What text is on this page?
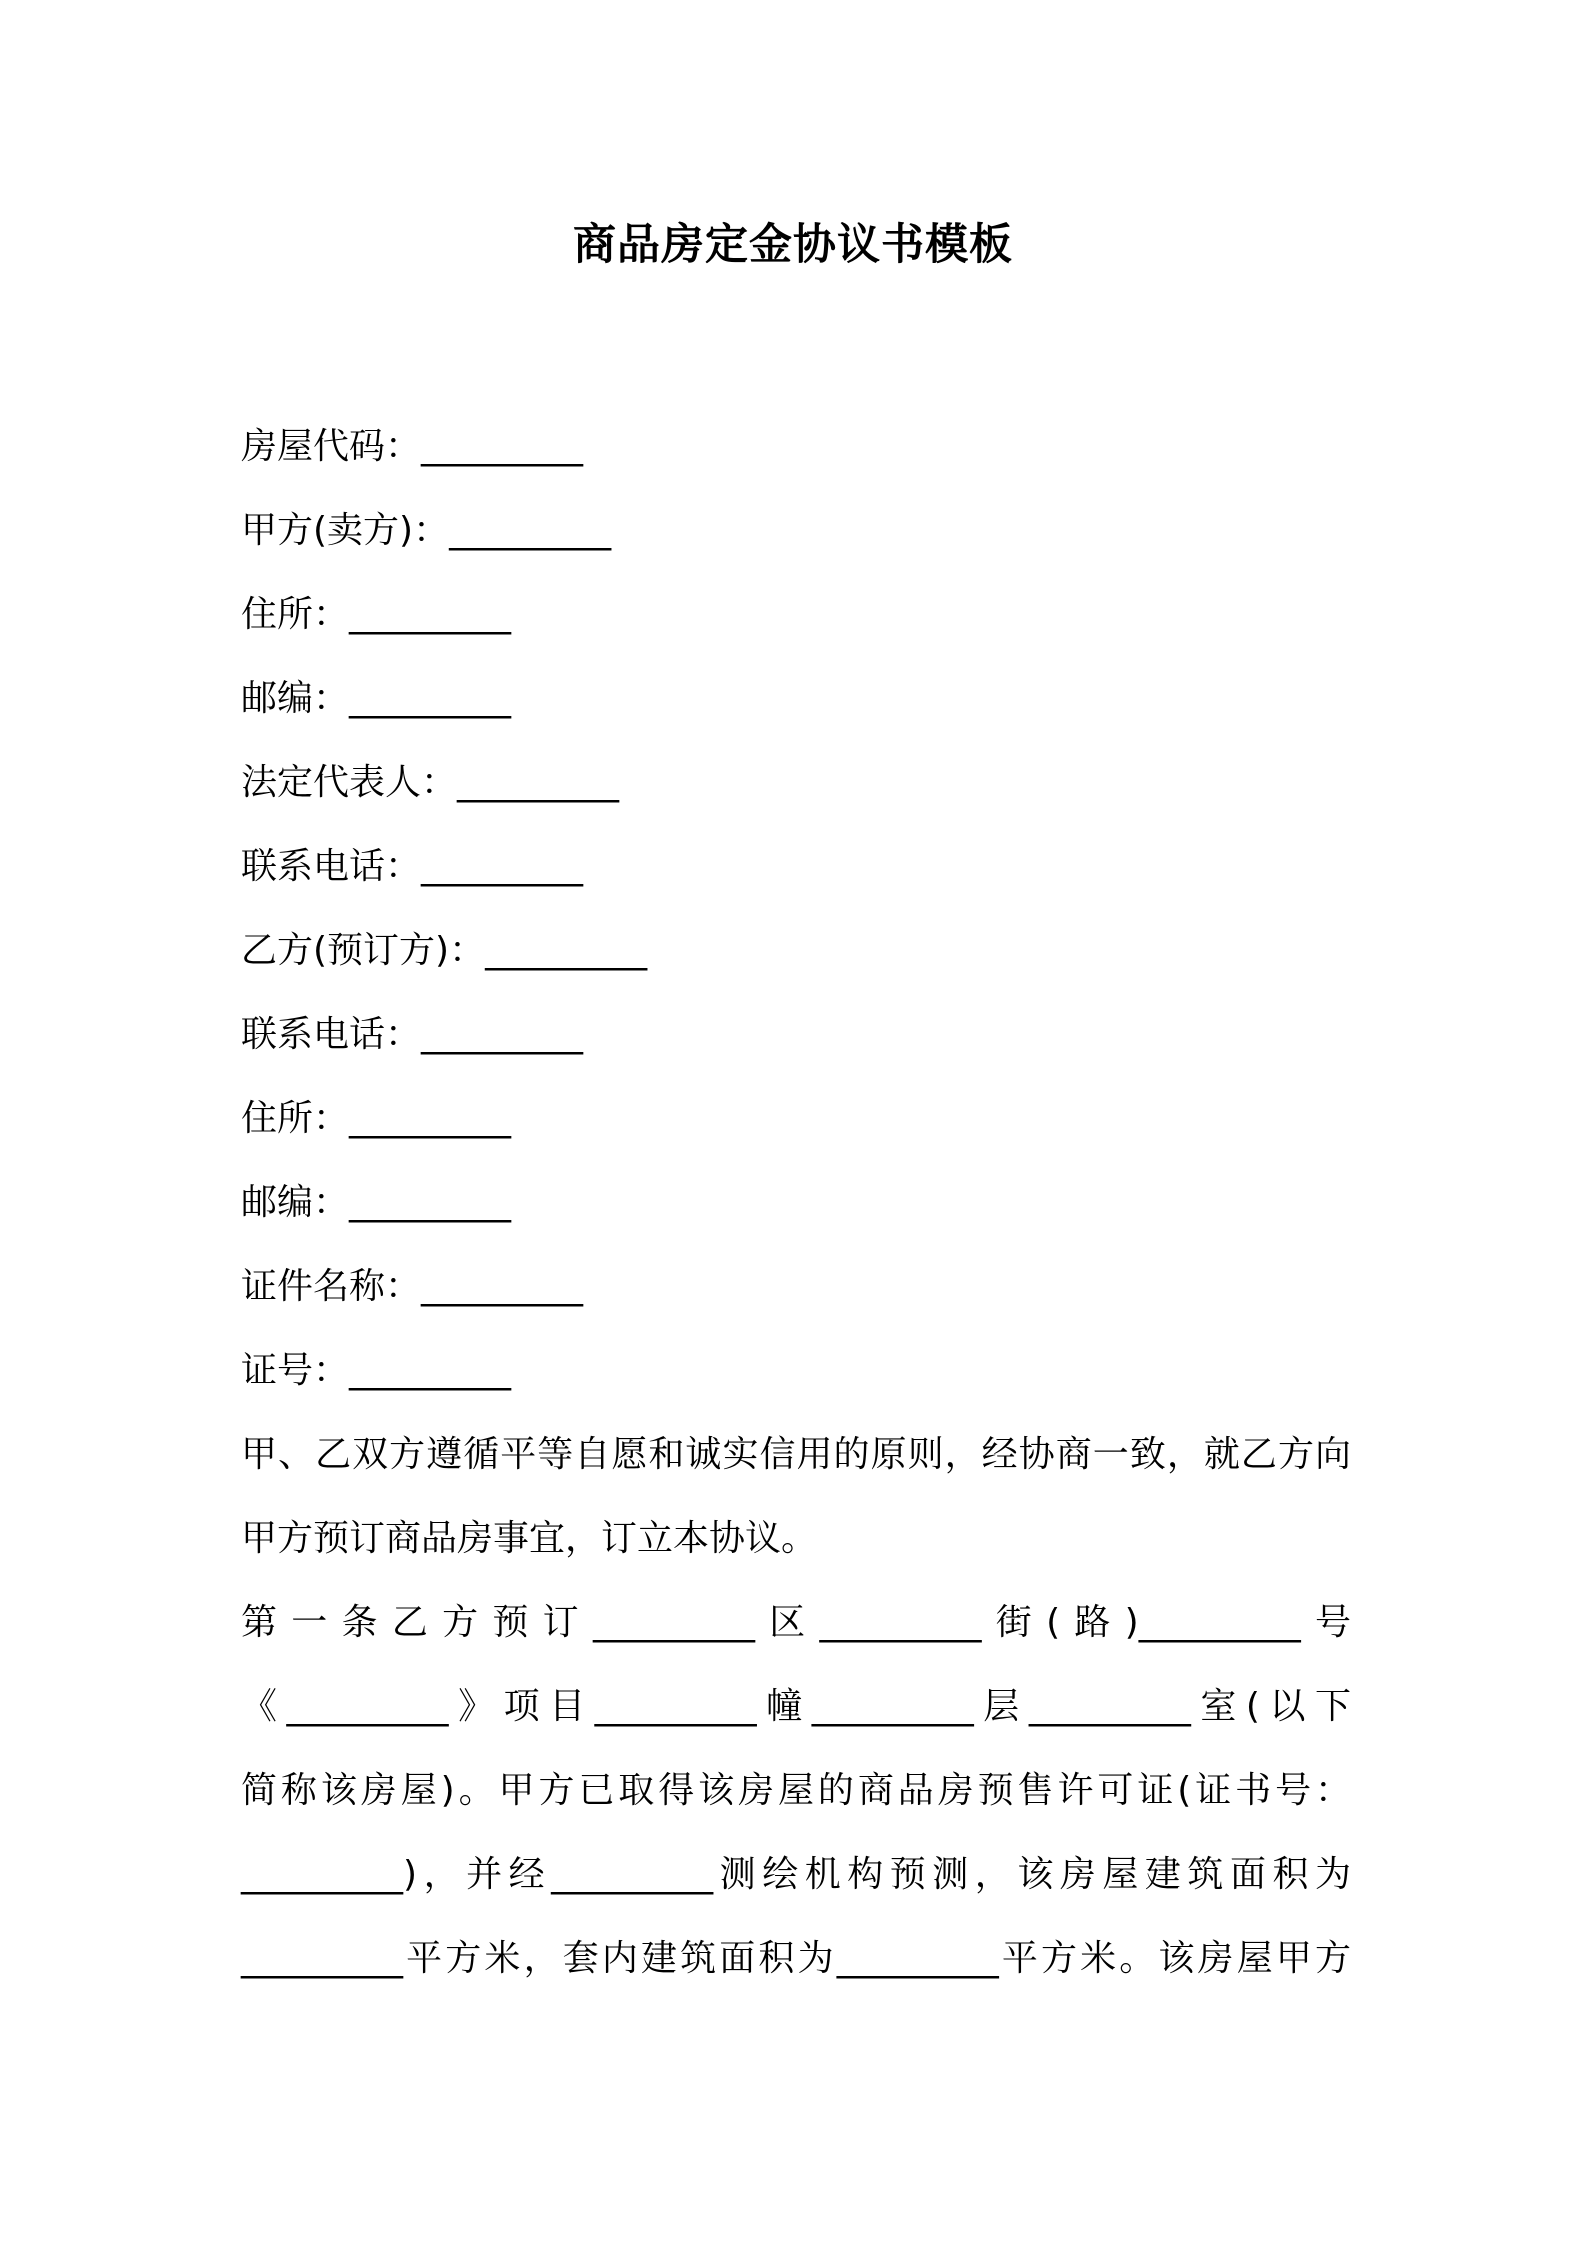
商品房定金协议书模板

房屋代码：_________

甲方(卖方)：_________

住所：_________

邮编：_________

法定代表人：_________

联系电话：_________

乙方(预订方)：_________

联系电话：_________

住所：_________

邮编：_________

证件名称：_________

证号：_________

甲、乙双方遵循平等自愿和诚实信用的原则，经协商一致，就乙方向

甲方预订商品房事宜，订立本协议。

第一条乙方预订_________区_________街(路)_________号

《_________》项目_________幢_________层_________室(以下

简称该房屋)。甲方已取得该房屋的商品房预售许可证(证书号：

_________)，并经_________测绘机构预测，该房屋建筑面积为

_________平方米，套内建筑面积为_________平方米。该房屋甲方
